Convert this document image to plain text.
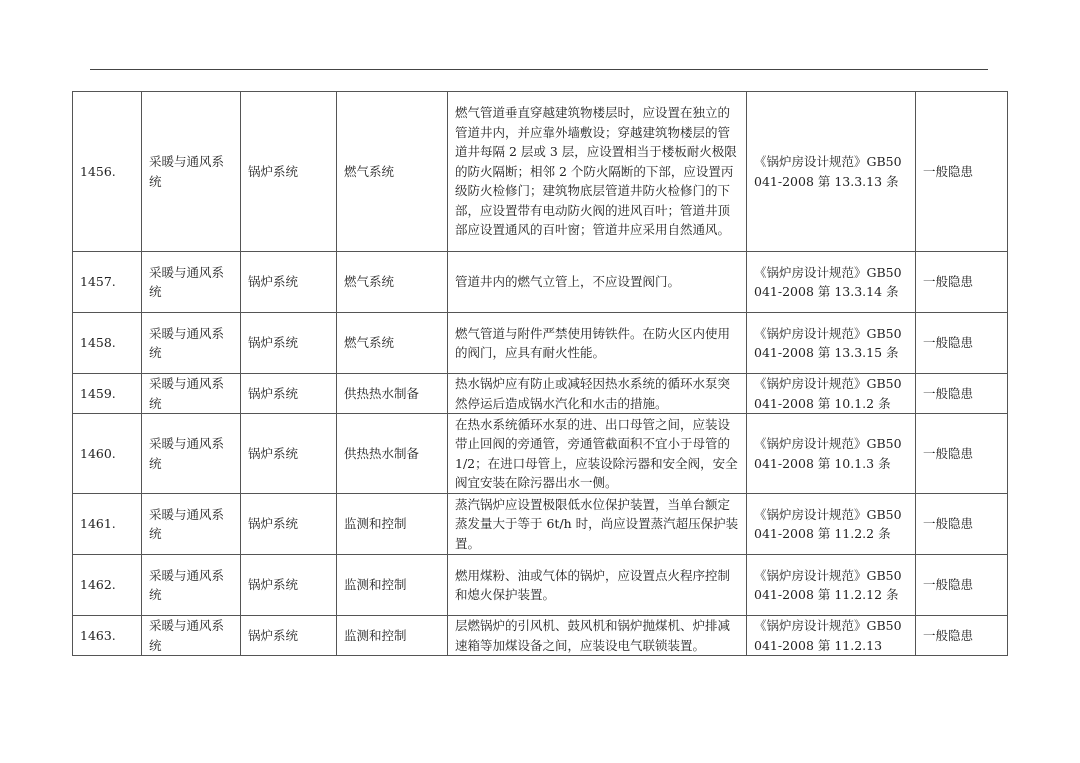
1456.	采暖与通风系统	锅炉系统	燃气系统	燃气管道垂直穿越建筑物楼层时，应设置在独立的管道井内，并应靠外墙敷设；穿越建筑物楼层的管道井每隔 2 层或 3 层，应设置相当于楼板耐火极限的防火隔断；相邻 2 个防火隔断的下部，应设置丙级防火检修门；建筑物底层管道井防火检修门的下部，应设置带有电动防火阀的进风百叶；管道井顶部应设置通风的百叶窗；管道井应采用自然通风。	《锅炉房设计规范》GB50041-2008 第 13.3.13 条	一般隐患
1457.	采暖与通风系统	锅炉系统	燃气系统	管道井内的燃气立管上，不应设置阀门。	《锅炉房设计规范》GB50041-2008 第 13.3.14 条	一般隐患
1458.	采暖与通风系统	锅炉系统	燃气系统	燃气管道与附件严禁使用铸铁件。在防火区内使用的阀门，应具有耐火性能。	《锅炉房设计规范》GB50041-2008 第 13.3.15 条	一般隐患
1459.	采暖与通风系统	锅炉系统	供热热水制备	热水锅炉应有防止或减轻因热水系统的循环水泵突然停运后造成锅水汽化和水击的措施。	《锅炉房设计规范》GB50041-2008 第 10.1.2 条	一般隐患
1460.	采暖与通风系统	锅炉系统	供热热水制备	在热水系统循环水泵的进、出口母管之间，应装设带止回阀的旁通管，旁通管截面积不宜小于母管的 1/2；在进口母管上，应装设除污器和安全阀，安全阀宜安装在除污器出水一侧。	《锅炉房设计规范》GB50041-2008 第 10.1.3 条	一般隐患
1461.	采暖与通风系统	锅炉系统	监测和控制	蒸汽锅炉应设置极限低水位保护装置，当单台额定蒸发量大于等于 6t/h 时，尚应设置蒸汽超压保护装置。	《锅炉房设计规范》GB50041-2008 第 11.2.2 条	一般隐患
1462.	采暖与通风系统	锅炉系统	监测和控制	燃用煤粉、油或气体的锅炉，应设置点火程序控制和熄火保护装置。	《锅炉房设计规范》GB50041-2008 第 11.2.12 条	一般隐患
1463.	采暖与通风系统	锅炉系统	监测和控制	层燃锅炉的引风机、鼓风机和锅炉抛煤机、炉排减速箱等加煤设备之间，应装设电气联锁装置。	《锅炉房设计规范》GB50041-2008 第 11.2.13	一般隐患
